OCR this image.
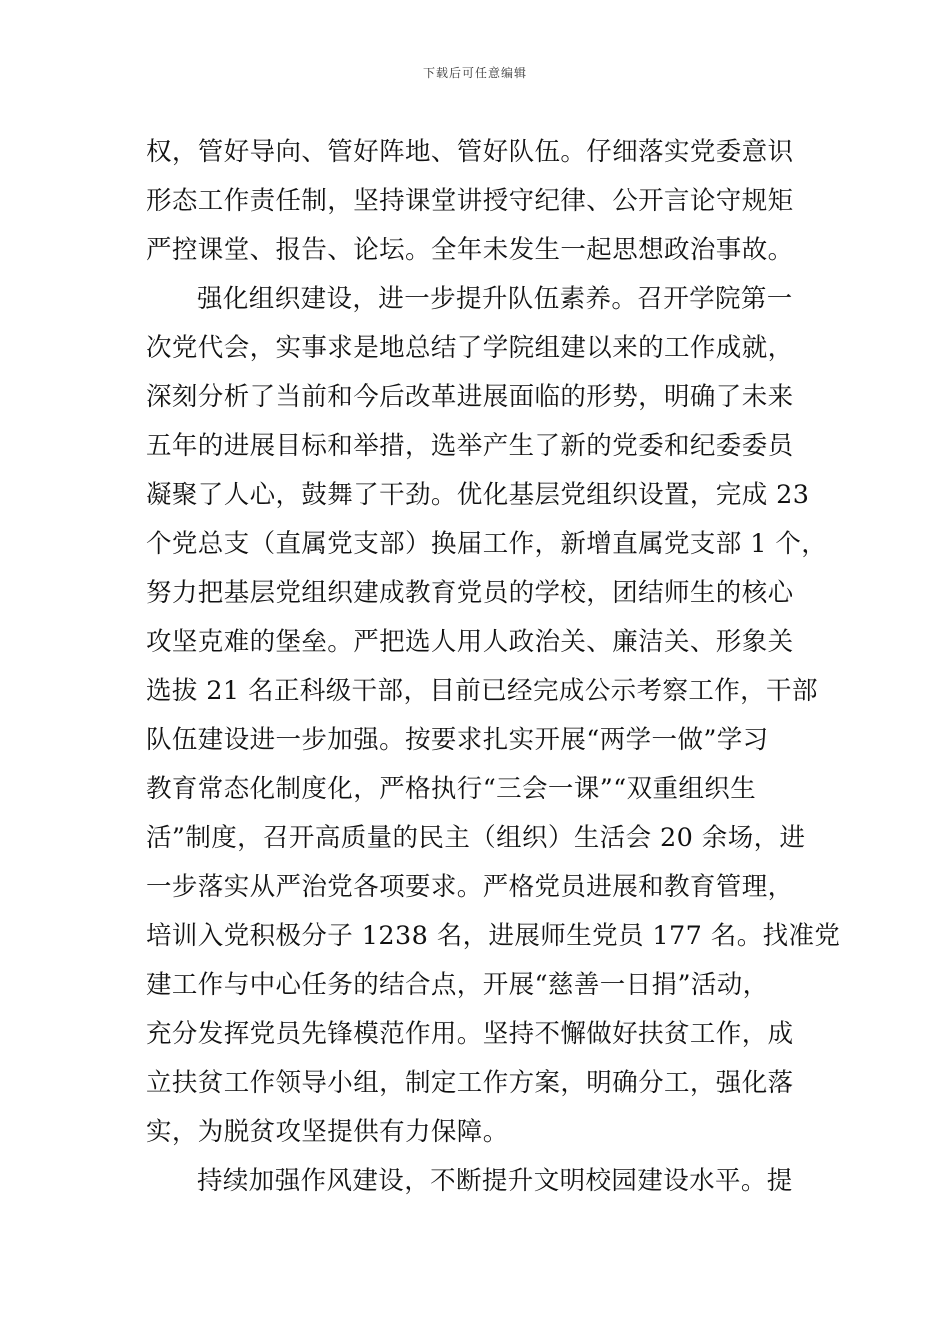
下载后可任意编辑
权，管好导向、管好阵地、管好队伍。仔细落实党委意识
形态工作责任制，坚持课堂讲授守纪律、公开言论守规矩
严控课堂、报告、论坛。全年未发生一起思想政治事故。
强化组织建设，进一步提升队伍素养。召开学院第一
次党代会，实事求是地总结了学院组建以来的工作成就，
深刻分析了当前和今后改革进展面临的形势，明确了未来
五年的进展目标和举措，选举产生了新的党委和纪委委员
凝聚了人心，鼓舞了干劲。优化基层党组织设置，完成 23
个党总支（直属党支部）换届工作，新增直属党支部 1 个，
努力把基层党组织建成教育党员的学校，团结师生的核心
攻坚克难的堡垒。严把选人用人政治关、廉洁关、形象关
选拔 21 名正科级干部，目前已经完成公示考察工作，干部
队伍建设进一步加强。按要求扎实开展“两学一做”学习
教育常态化制度化，严格执行“三会一课”“双重组织生
活”制度，召开高质量的民主（组织）生活会 20 余场，进
一步落实从严治党各项要求。严格党员进展和教育管理，
培训入党积极分子 1238 名，进展师生党员 177 名。找准党
建工作与中心任务的结合点，开展“慈善一日捐”活动，
充分发挥党员先锋模范作用。坚持不懈做好扶贫工作，成
立扶贫工作领导小组，制定工作方案，明确分工，强化落
实，为脱贫攻坚提供有力保障。
持续加强作风建设，不断提升文明校园建设水平。提
